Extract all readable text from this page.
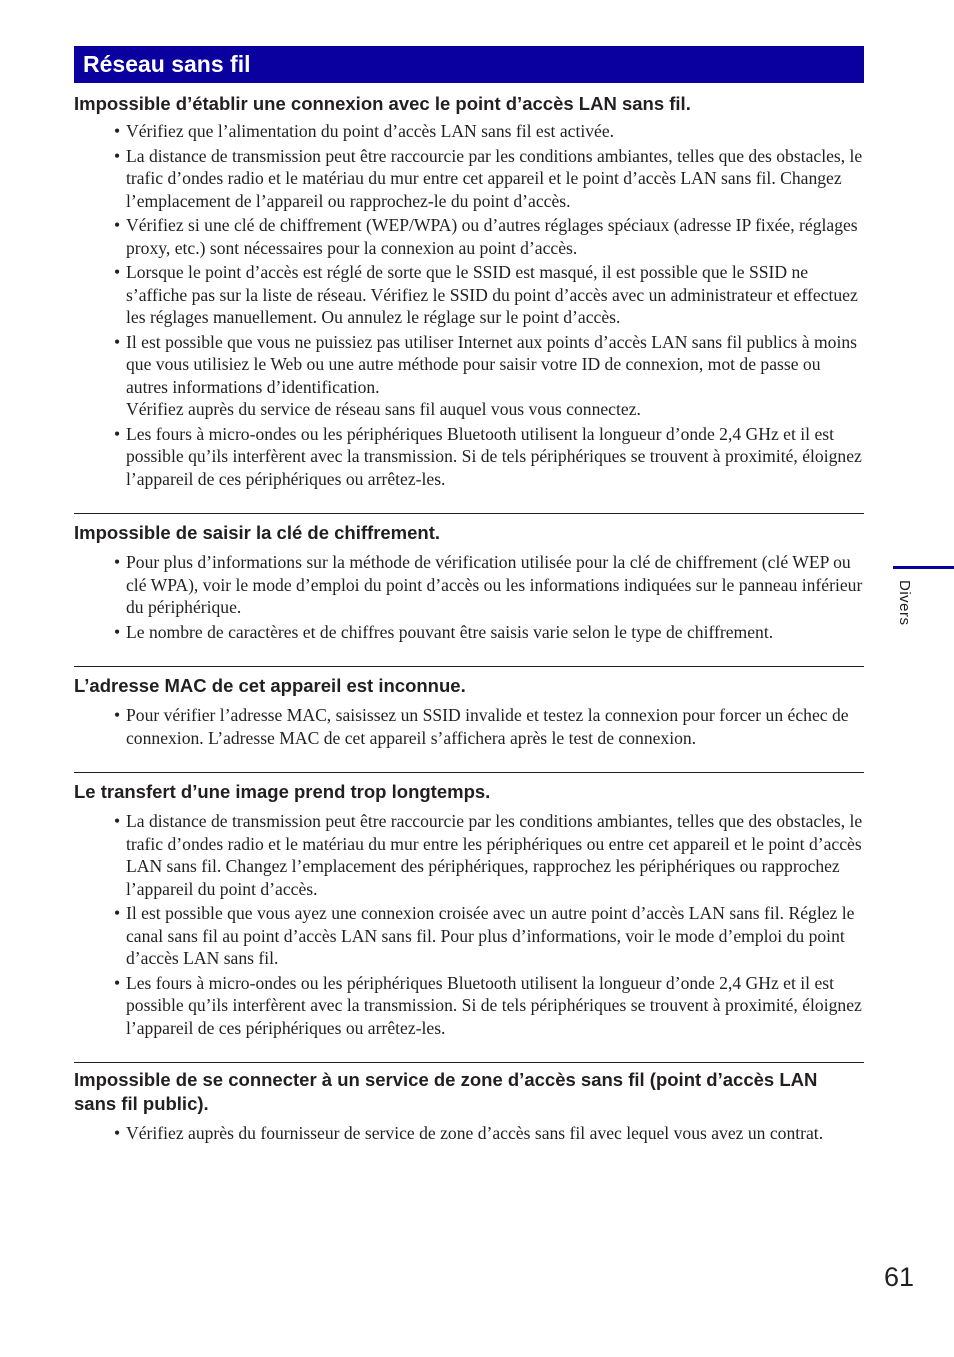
Réseau sans fil
Impossible d’établir une connexion avec le point d’accès LAN sans fil.
• Vérifiez que l’alimentation du point d’accès LAN sans fil est activée.
• La distance de transmission peut être raccourcie par les conditions ambiantes, telles que des obstacles, le trafic d’ondes radio et le matériau du mur entre cet appareil et le point d’accès LAN sans fil. Changez l’emplacement de l’appareil ou rapprochez-le du point d’accès.
• Vérifiez si une clé de chiffrement (WEP/WPA) ou d’autres réglages spéciaux (adresse IP fixée, réglages proxy, etc.) sont nécessaires pour la connexion au point d’accès.
• Lorsque le point d’accès est réglé de sorte que le SSID est masqué, il est possible que le SSID ne s’affiche pas sur la liste de réseau. Vérifiez le SSID du point d’accès avec un administrateur et effectuez les réglages manuellement. Ou annulez le réglage sur le point d’accès.
• Il est possible que vous ne puissiez pas utiliser Internet aux points d’accès LAN sans fil publics à moins que vous utilisiez le Web ou une autre méthode pour saisir votre ID de connexion, mot de passe ou autres informations d’identification.
Vérifiez auprès du service de réseau sans fil auquel vous vous connectez.
• Les fours à micro-ondes ou les périphériques Bluetooth utilisent la longueur d’onde 2,4 GHz et il est possible qu’ils interfèrent avec la transmission. Si de tels périphériques se trouvent à proximité, éloignez l’appareil de ces périphériques ou arrêtez-les.
Impossible de saisir la clé de chiffrement.
• Pour plus d’informations sur la méthode de vérification utilisée pour la clé de chiffrement (clé WEP ou clé WPA), voir le mode d’emploi du point d’accès ou les informations indiquées sur le panneau inférieur du périphérique.
• Le nombre de caractères et de chiffres pouvant être saisis varie selon le type de chiffrement.
L’adresse MAC de cet appareil est inconnue.
• Pour vérifier l’adresse MAC, saisissez un SSID invalide et testez la connexion pour forcer un échec de connexion. L’adresse MAC de cet appareil s’affichera après le test de connexion.
Le transfert d’une image prend trop longtemps.
• La distance de transmission peut être raccourcie par les conditions ambiantes, telles que des obstacles, le trafic d’ondes radio et le matériau du mur entre les périphériques ou entre cet appareil et le point d’accès LAN sans fil. Changez l’emplacement des périphériques, rapprochez les périphériques ou rapprochez l’appareil du point d’accès.
• Il est possible que vous ayez une connexion croisée avec un autre point d’accès LAN sans fil. Réglez le canal sans fil au point d’accès LAN sans fil. Pour plus d’informations, voir le mode d’emploi du point d’accès LAN sans fil.
• Les fours à micro-ondes ou les périphériques Bluetooth utilisent la longueur d’onde 2,4 GHz et il est possible qu’ils interfèrent avec la transmission. Si de tels périphériques se trouvent à proximité, éloignez l’appareil de ces périphériques ou arrêtez-les.
Impossible de se connecter à un service de zone d’accès sans fil (point d’accès LAN sans fil public).
• Vérifiez auprès du fournisseur de service de zone d’accès sans fil avec lequel vous avez un contrat.
Divers
61
